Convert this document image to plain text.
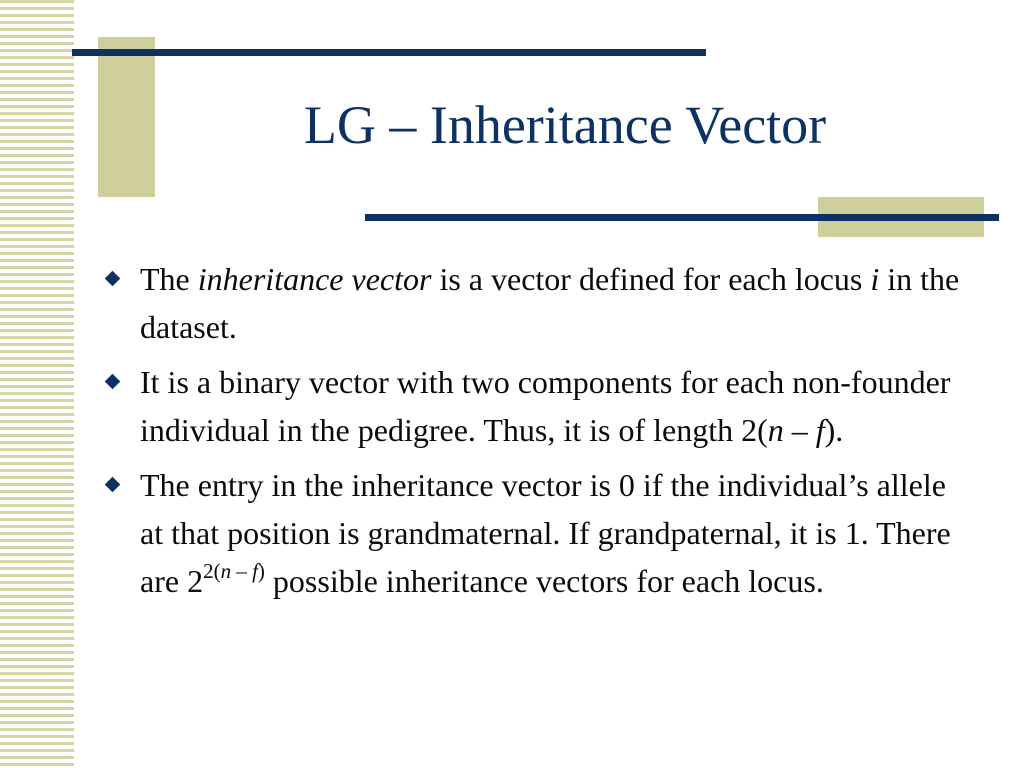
LG – Inheritance Vector
The inheritance vector is a vector defined for each locus i in the dataset.
It is a binary vector with two components for each non-founder individual in the pedigree. Thus, it is of length 2(n – f).
The entry in the inheritance vector is 0 if the individual’s allele at that position is grandmaternal. If grandpaternal, it is 1. There are $2^{2(n - f)}$ possible inheritance vectors for each locus.
